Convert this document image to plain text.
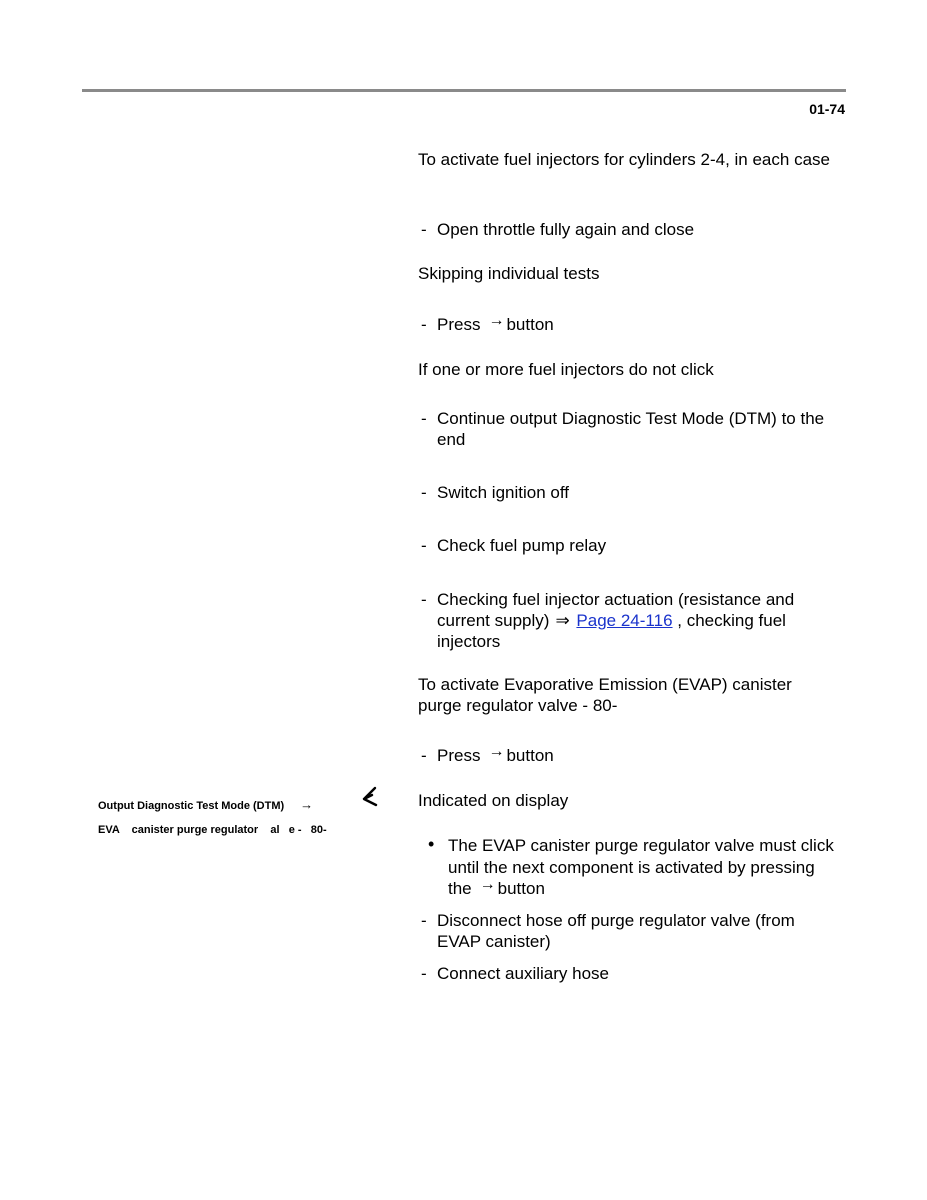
01-74
Output Diagnostic Test Mode (DTM) →
EVA    canister purge regulator    al   e -   80-
To activate fuel injectors for cylinders 2-4, in each case
- Open throttle fully again and close
Skipping individual tests
- Press → button
If one or more fuel injectors do not click
- Continue output Diagnostic Test Mode (DTM) to the end
- Switch ignition off
- Check fuel pump relay
- Checking fuel injector actuation (resistance and current supply) ⇒ Page 24-116 , checking fuel injectors
To activate Evaporative Emission (EVAP) canister purge regulator valve - 80-
- Press → button
Indicated on display
• The EVAP canister purge regulator valve must click until the next component is activated by pressing the → button
- Disconnect hose off purge regulator valve (from EVAP canister)
- Connect auxiliary hose
